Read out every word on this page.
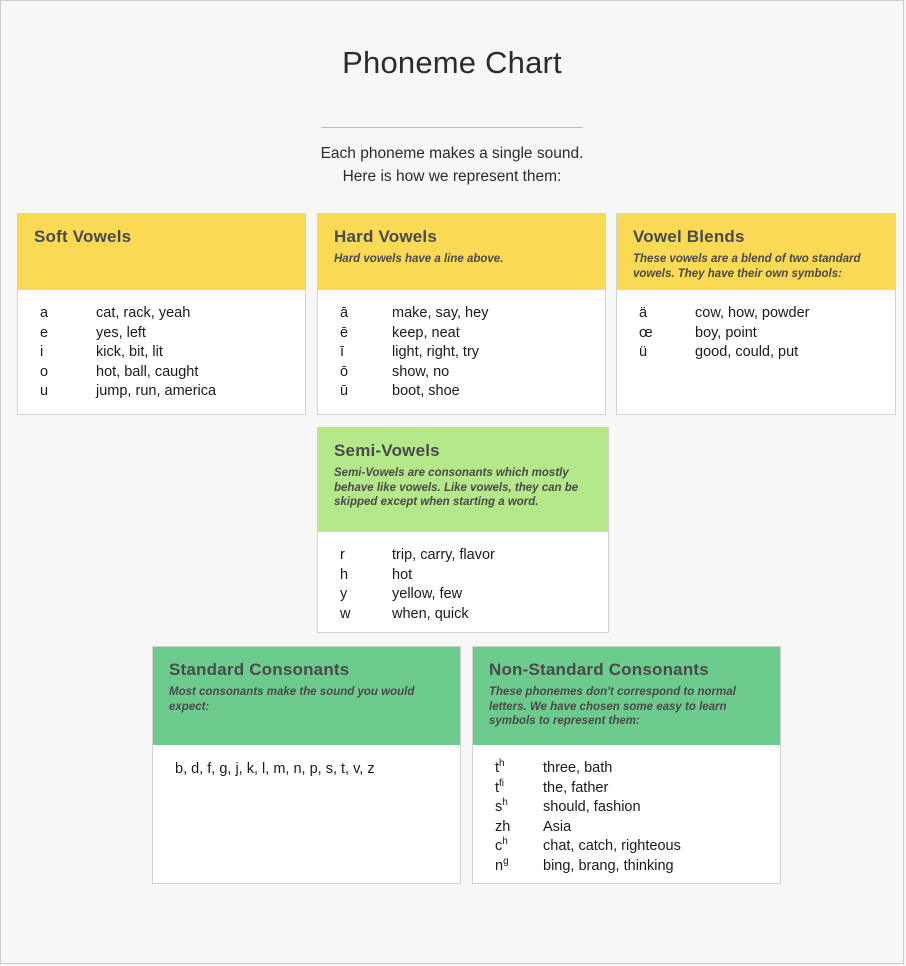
Phoneme Chart
Each phoneme makes a single sound.
Here is how we represent them:
Soft Vowels
a	cat, rack, yeah
e	yes, left
i	kick, bit, lit
o	hot, ball, caught
u	jump, run, america
Hard Vowels
Hard vowels have a line above.
ā	make, say, hey
ē	keep, neat
ī	light, right, try
ō	show, no
ū	boot, shoe
Vowel Blends
These vowels are a blend of two standard vowels. They have their own symbols:
ä	cow, how, powder
œ	boy, point
ü	good, could, put
Semi-Vowels
Semi-Vowels are consonants which mostly behave like vowels. Like vowels, they can be skipped except when starting a word.
r	trip, carry, flavor
h	hot
y	yellow, few
w	when, quick
Standard Consonants
Most consonants make the sound you would expect:
b, d, f, g, j, k, l, m, n, p, s, t, v, z
Non-Standard Consonants
These phonemes don't correspond to normal letters. We have chosen some easy to learn symbols to represent them:
$t^h$	three, bath
$t^{fi}$	the, father
$s^h$	should, fashion
zh	Asia
$c^h$	chat, catch, righteous
$n^g$	bing, brang, thinking
